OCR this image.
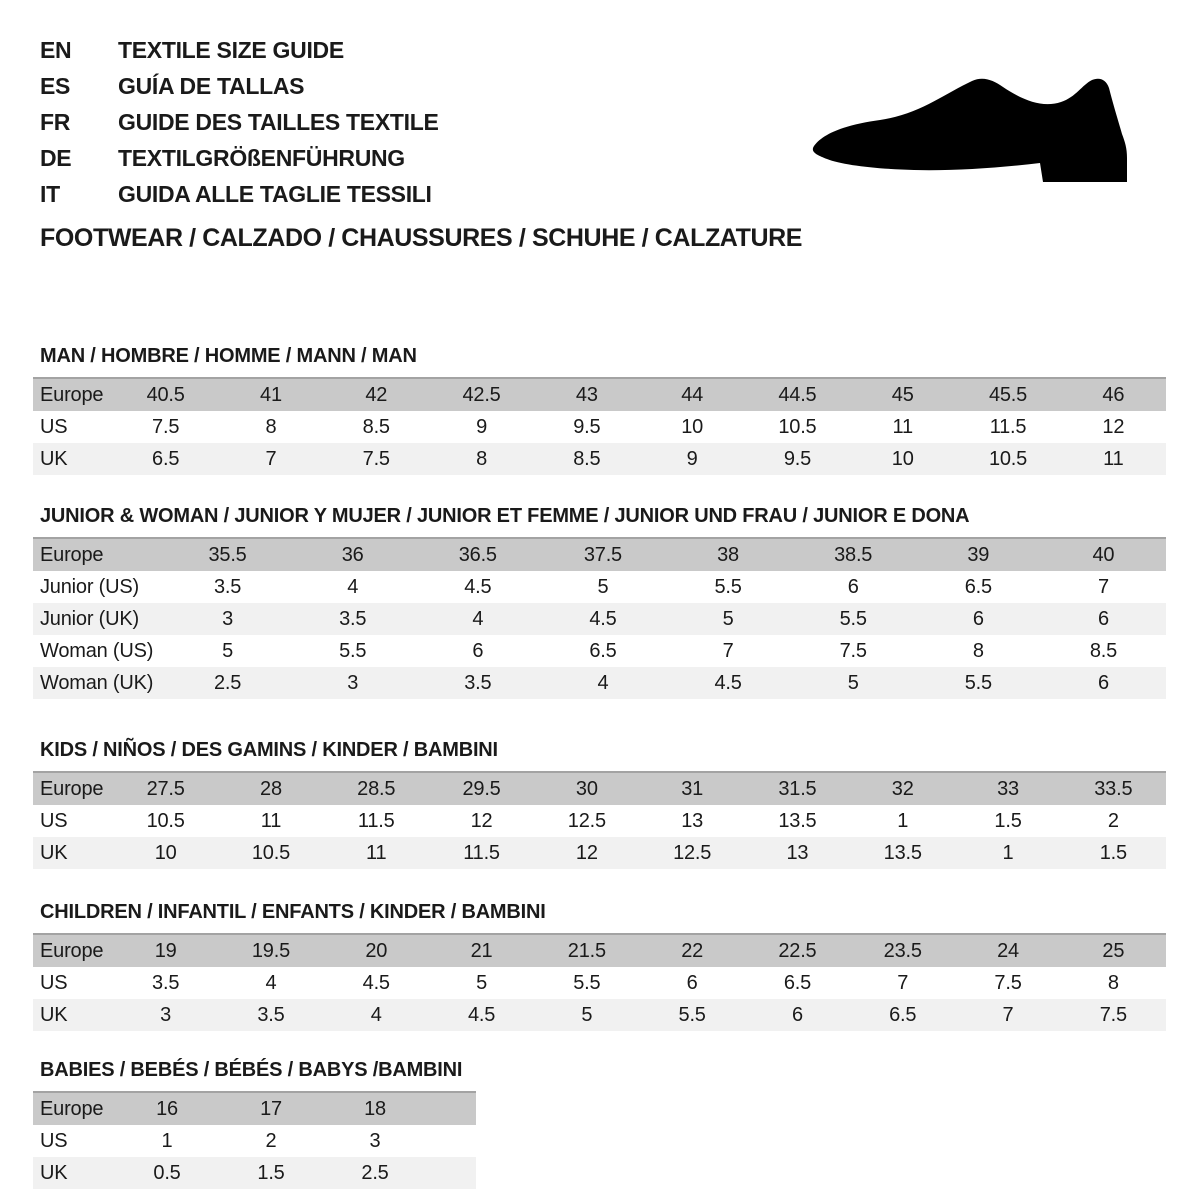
EN	TEXTILE SIZE GUIDE
ES	GUÍA DE TALLAS
FR	GUIDE DES TAILLES TEXTILE
DE	TEXTILGRÖßENFÜHRUNG
IT	GUIDA ALLE TAGLIE TESSILI
FOOTWEAR / CALZADO / CHAUSSURES / SCHUHE / CALZATURE
MAN / HOMBRE / HOMME / MANN / MAN
Europe	40.5	41	42	42.5	43	44	44.5	45	45.5	46
US	7.5	8	8.5	9	9.5	10	10.5	11	11.5	12
UK	6.5	7	7.5	8	8.5	9	9.5	10	10.5	11
JUNIOR & WOMAN / JUNIOR Y MUJER / JUNIOR ET FEMME / JUNIOR UND FRAU / JUNIOR E DONA
Europe	35.5	36	36.5	37.5	38	38.5	39	40
Junior (US)	3.5	4	4.5	5	5.5	6	6.5	7
Junior (UK)	3	3.5	4	4.5	5	5.5	6	6
Woman (US)	5	5.5	6	6.5	7	7.5	8	8.5
Woman (UK)	2.5	3	3.5	4	4.5	5	5.5	6
KIDS / NIÑOS / DES GAMINS / KINDER / BAMBINI
Europe	27.5	28	28.5	29.5	30	31	31.5	32	33	33.5
US	10.5	11	11.5	12	12.5	13	13.5	1	1.5	2
UK	10	10.5	11	11.5	12	12.5	13	13.5	1	1.5
CHILDREN / INFANTIL / ENFANTS / KINDER / BAMBINI
Europe	19	19.5	20	21	21.5	22	22.5	23.5	24	25
US	3.5	4	4.5	5	5.5	6	6.5	7	7.5	8
UK	3	3.5	4	4.5	5	5.5	6	6.5	7	7.5
BABIES / BEBÉS / BÉBÉS / BABYS /BAMBINI
Europe	16	17	18
US	1	2	3
UK	0.5	1.5	2.5
